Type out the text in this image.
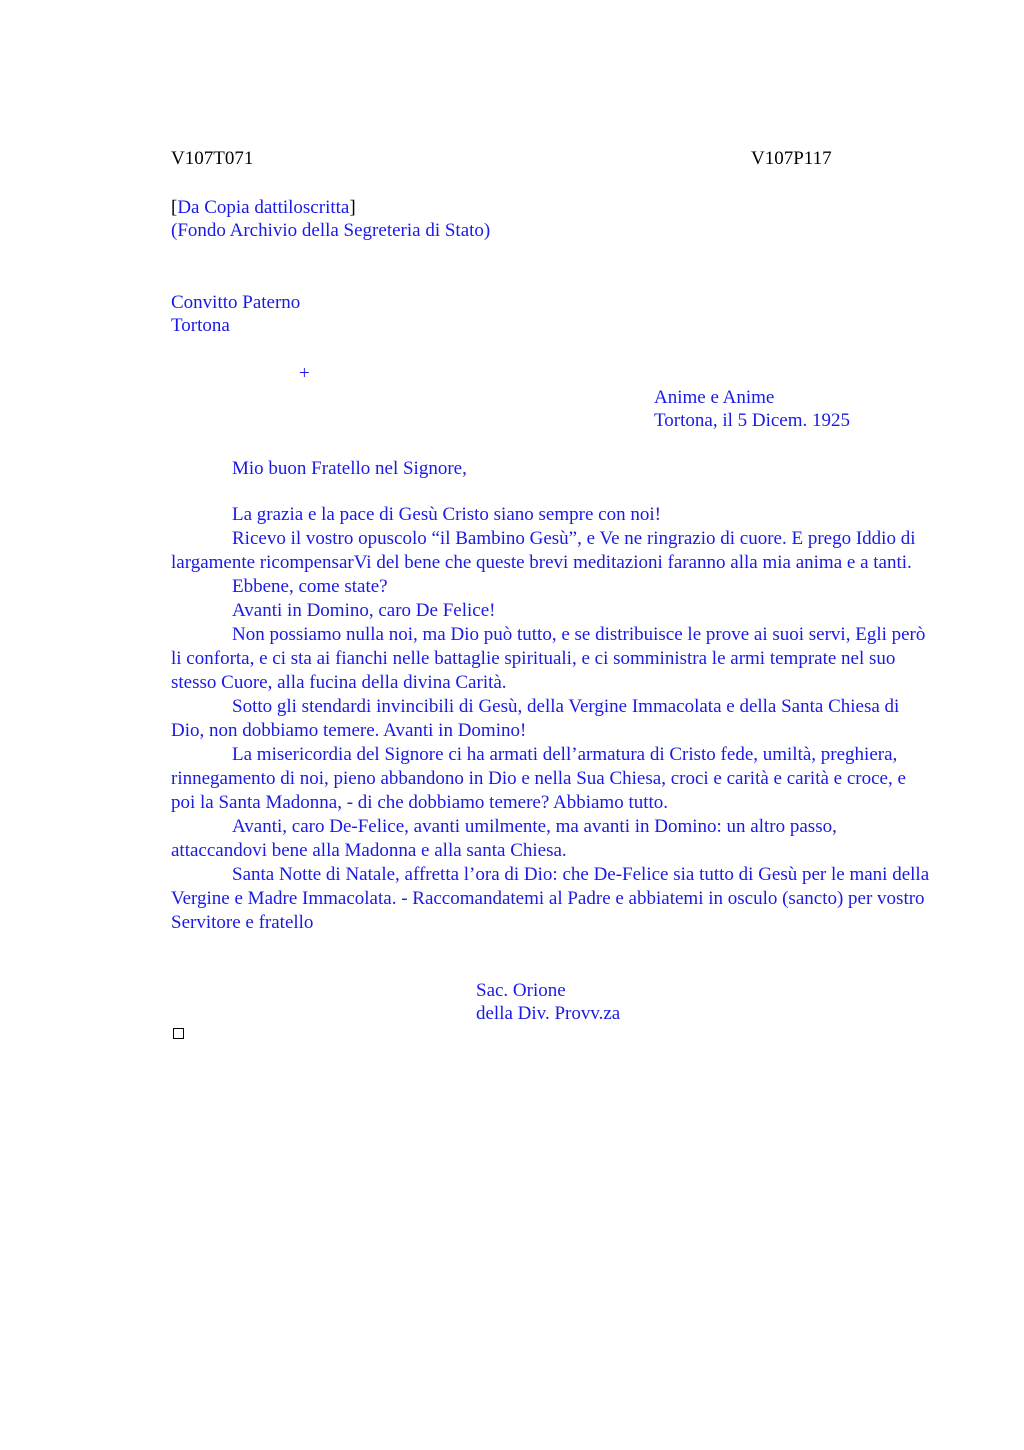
V107T071	V107P117
[Da Copia dattiloscritta]
(Fondo Archivio della Segreteria di Stato)
Convitto Paterno
Tortona
+
Anime e Anime
Tortona, il 5 Dicem. 1925
Mio buon Fratello nel Signore,

La grazia e la pace di Gesù Cristo siano sempre con noi!

Ricevo il vostro opuscolo “il Bambino Gesù”, e Ve ne ringrazio di cuore. E prego Iddio di largamente ricompensarVi del bene che queste brevi meditazioni faranno alla mia anima e a tanti.

Ebbene, come state?

Avanti in Domino, caro De Felice!

Non possiamo nulla noi, ma Dio può tutto, e se distribuisce le prove ai suoi servi, Egli però li conforta, e ci sta ai fianchi nelle battaglie spirituali, e ci somministra le armi temprate nel suo stesso Cuore, alla fucina della divina Carità.

Sotto gli stendardi invincibili di Gesù, della Vergine Immacolata e della Santa Chiesa di Dio, non dobbiamo temere. Avanti in Domino!

La misericordia del Signore ci ha armati dell’armatura di Cristo fede, umiltà, preghiera, rinnegamento di noi, pieno abbandono in Dio e nella Sua Chiesa, croci e carità e carità e croce, e poi la Santa Madonna, - di che dobbiamo temere? Abbiamo tutto.

Avanti, caro De-Felice, avanti umilmente, ma avanti in Domino: un altro passo, attaccandovi bene alla Madonna e alla santa Chiesa.

Santa Notte di Natale, affretta l’ora di Dio: che De-Felice sia tutto di Gesù per le mani della Vergine e Madre Immacolata. - Raccomandatemi al Padre e abbiatemi in osculo (sancto) per vostro Servitore e fratello

Sac. Orione
della Div. Provv.za
